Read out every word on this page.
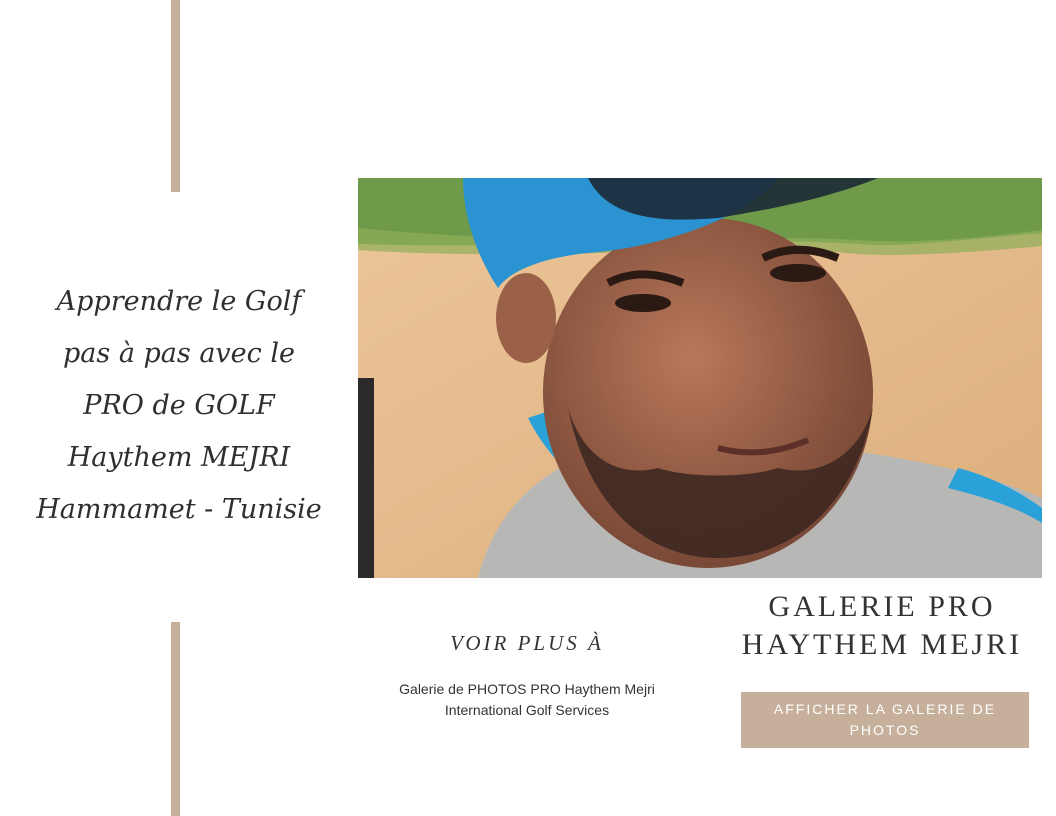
Apprendre le Golf
pas à pas avec le
PRO de GOLF
Haythem MEJRI
Hammamet - Tunisie
VOIR PLUS À
Galerie de PHOTOS PRO Haythem Mejri
International Golf Services
GALERIE PRO
HAYTHEM MEJRI
AFFICHER LA GALERIE DE
PHOTOS
